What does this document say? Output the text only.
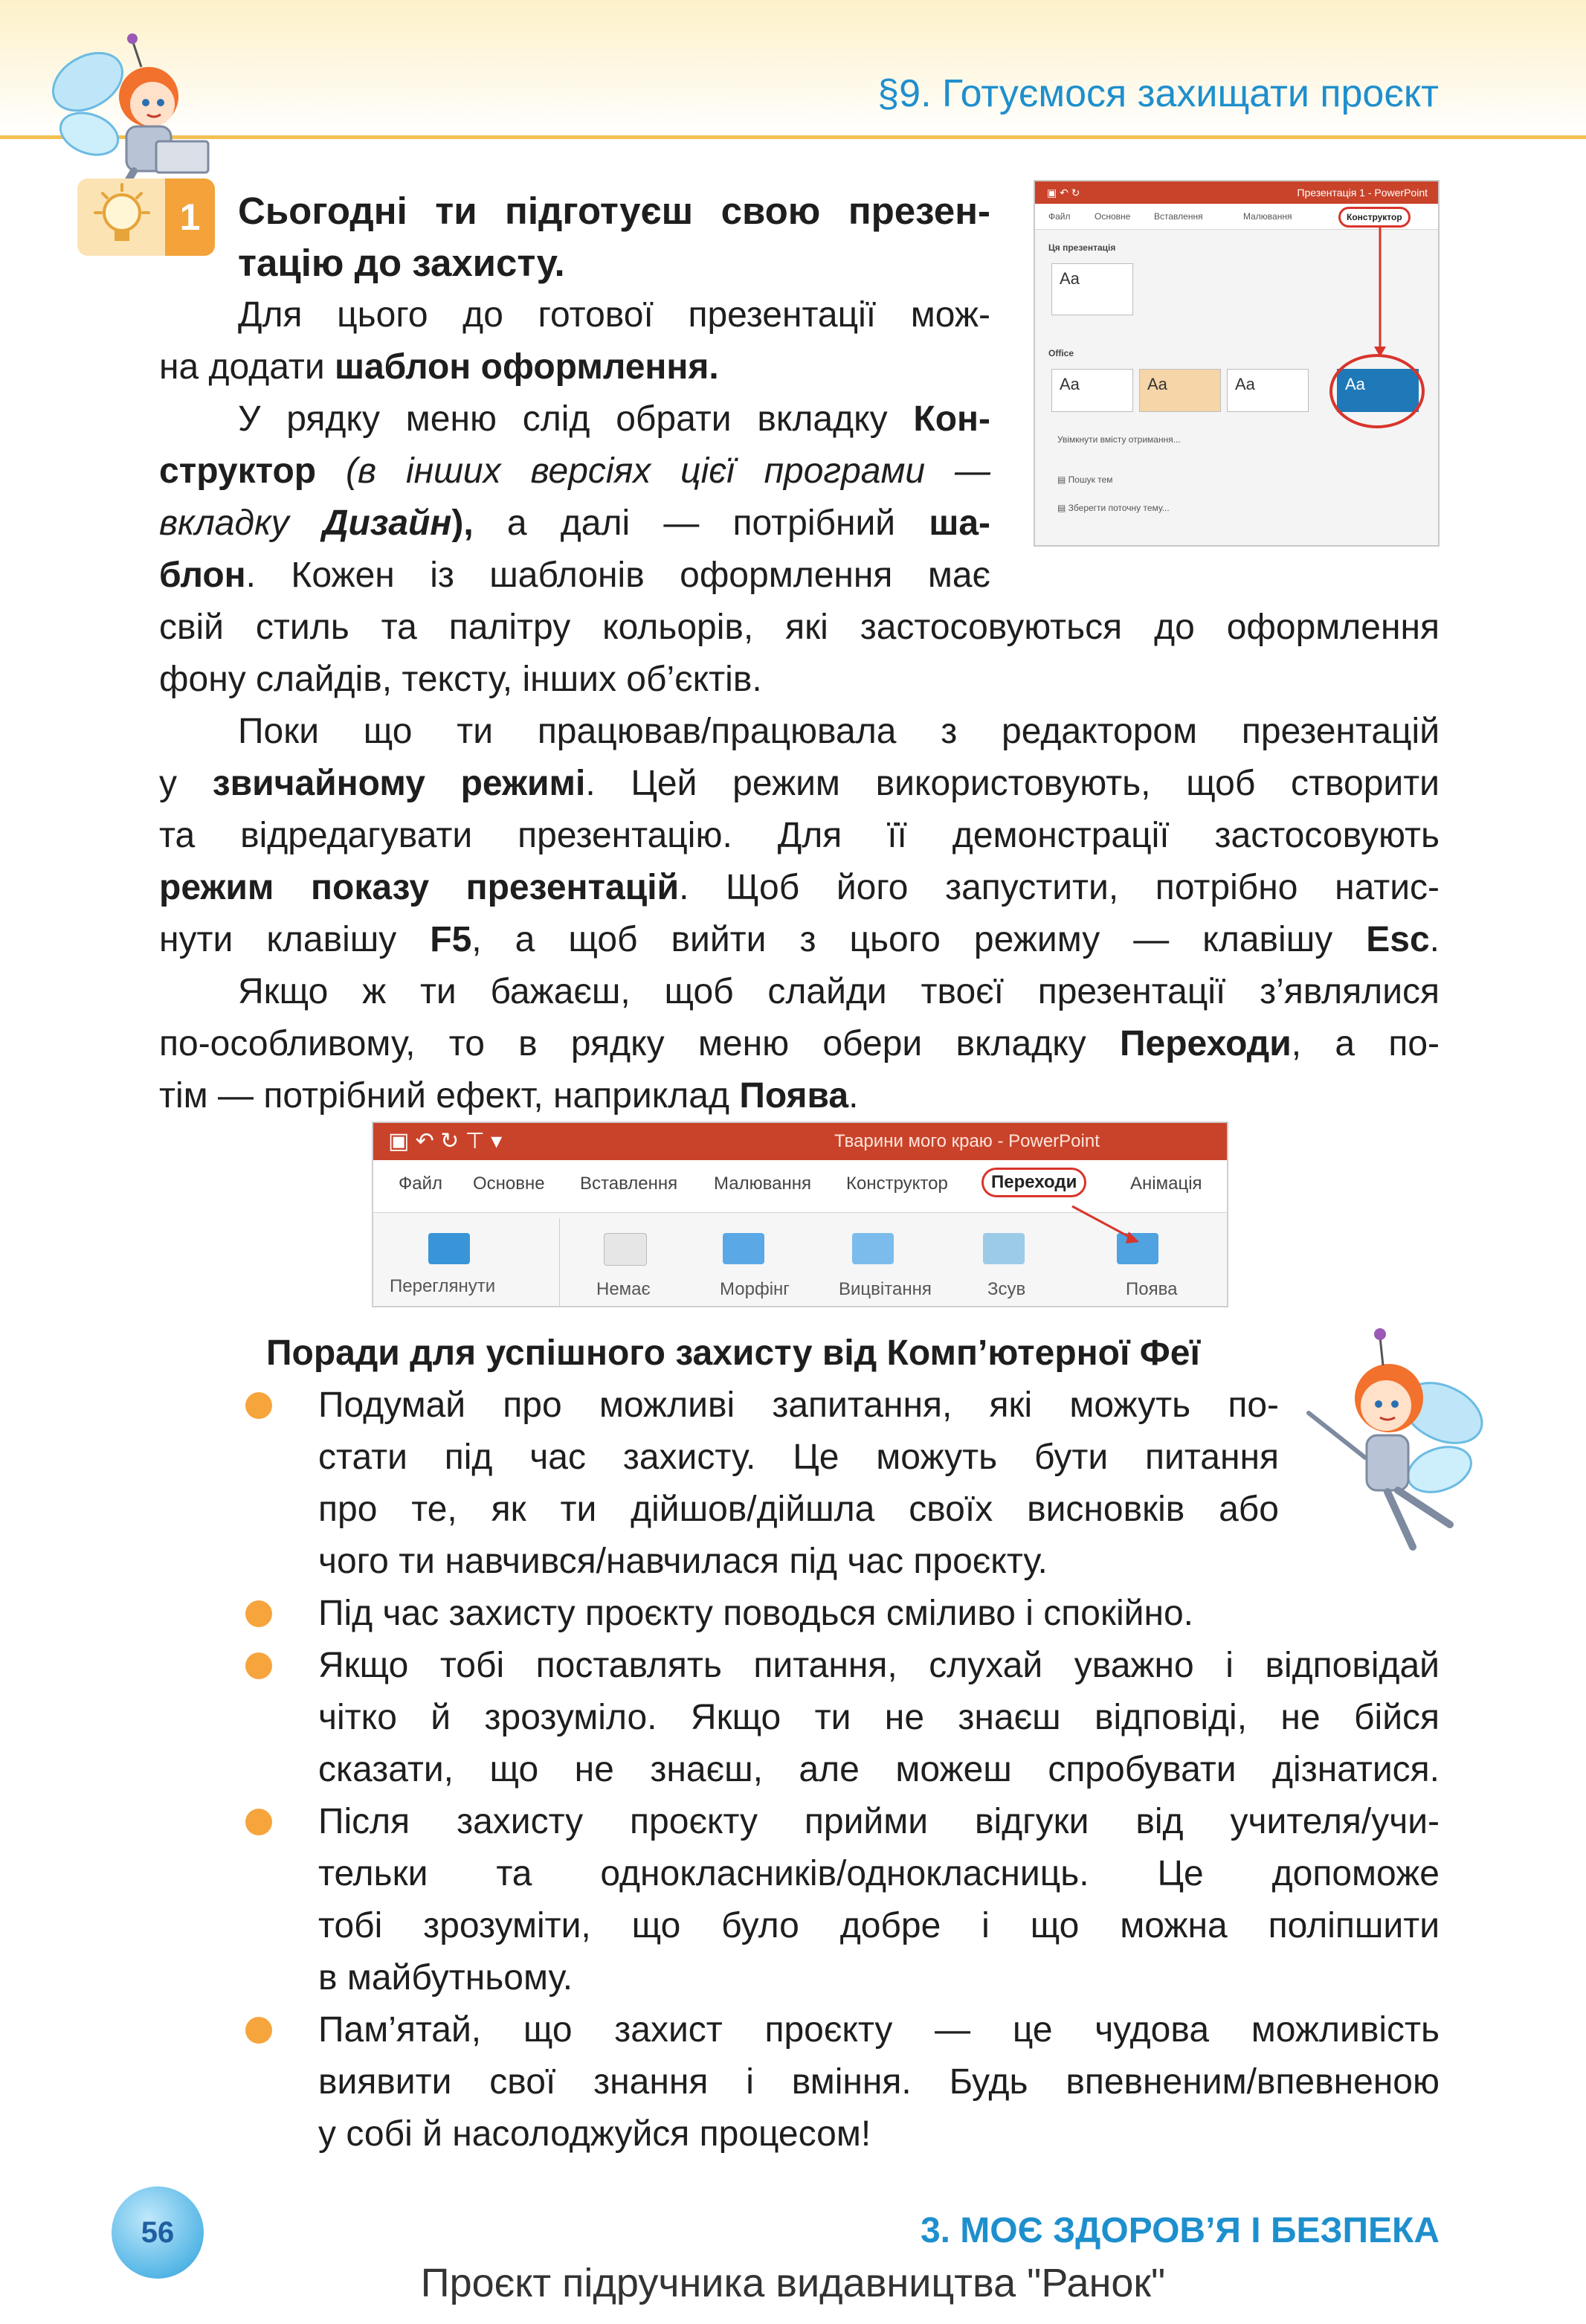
§9. Готуємося захищати проєкт
1 Сьогодні ти підготуєш свою презен-
тацію до захисту.
Для цього до готової презентації мож-
на додати шаблон оформлення.
У рядку меню слід обрати вкладку Кон-
структор (в інших версіях цієї програми —
вкладку Дизайн), а далі — потрібний ша-
блон. Кожен із шаблонів оформлення має
свій стиль та палітру кольорів, які застосовуються до оформлення
фону слайдів, тексту, інших об’єктів.
▣ ↶ ↻	Презентація 1 - PowerPoint
Файл	Основне	Вставлення	Малювання	Конструктор
Ця презентація
Aa
Office
Aa	Aa	Aa	Aa
Увімкнути вмісту отримання...
▤ Пошук тем
▤ Зберегти поточну тему...
Поки що ти працював/працювала з редактором презентацій
у звичайному режимі. Цей режим використовують, щоб створити
та відредагувати презентацію. Для її демонстрації застосовують
режим показу презентацій. Щоб його запустити, потрібно натис-
нути клавішу F5, а щоб вийти з цього режиму — клавішу Esc.
Якщо ж ти бажаєш, щоб слайди твоєї презентації з’являлися
по-особливому, то в рядку меню обери вкладку Переходи, а по-
тім — потрібний ефект, наприклад Поява.
▣ ↶ ↻ ⊤ ▾	Тварини мого краю - PowerPoint
Файл Основне Вставлення Малювання Конструктор	Переходи	Анімація
Переглянути	Немає	Морфінг	Вицвітання	Зсув	Поява
Поради для успішного захисту від Комп’ютерної Феї
Подумай про можливі запитання, які можуть по-
стати під час захисту. Це можуть бути питання
про те, як ти дійшов/дійшла своїх висновків або
чого ти навчився/навчилася під час проєкту.
Під час захисту проєкту поводься сміливо і спокійно.
Якщо тобі поставлять питання, слухай уважно і відповідай
чітко й зрозуміло. Якщо ти не знаєш відповіді, не бійся
сказати, що не знаєш, але можеш спробувати дізнатися.
Після захисту проєкту прийми відгуки від учителя/учи-
тельки та однокласників/однокласниць. Це допоможе
тобі зрозуміти, що було добре і що можна поліпшити
в майбутньому.
Пам’ятай, що захист проєкту — це чудова можливість
виявити свої знання і вміння. Будь впевненим/впевненою
у собі й насолоджуйся процесом!
56	3. МОЄ ЗДОРОВ’Я І БЕЗПЕКА
Проєкт підручника видавництва "Ранок"
